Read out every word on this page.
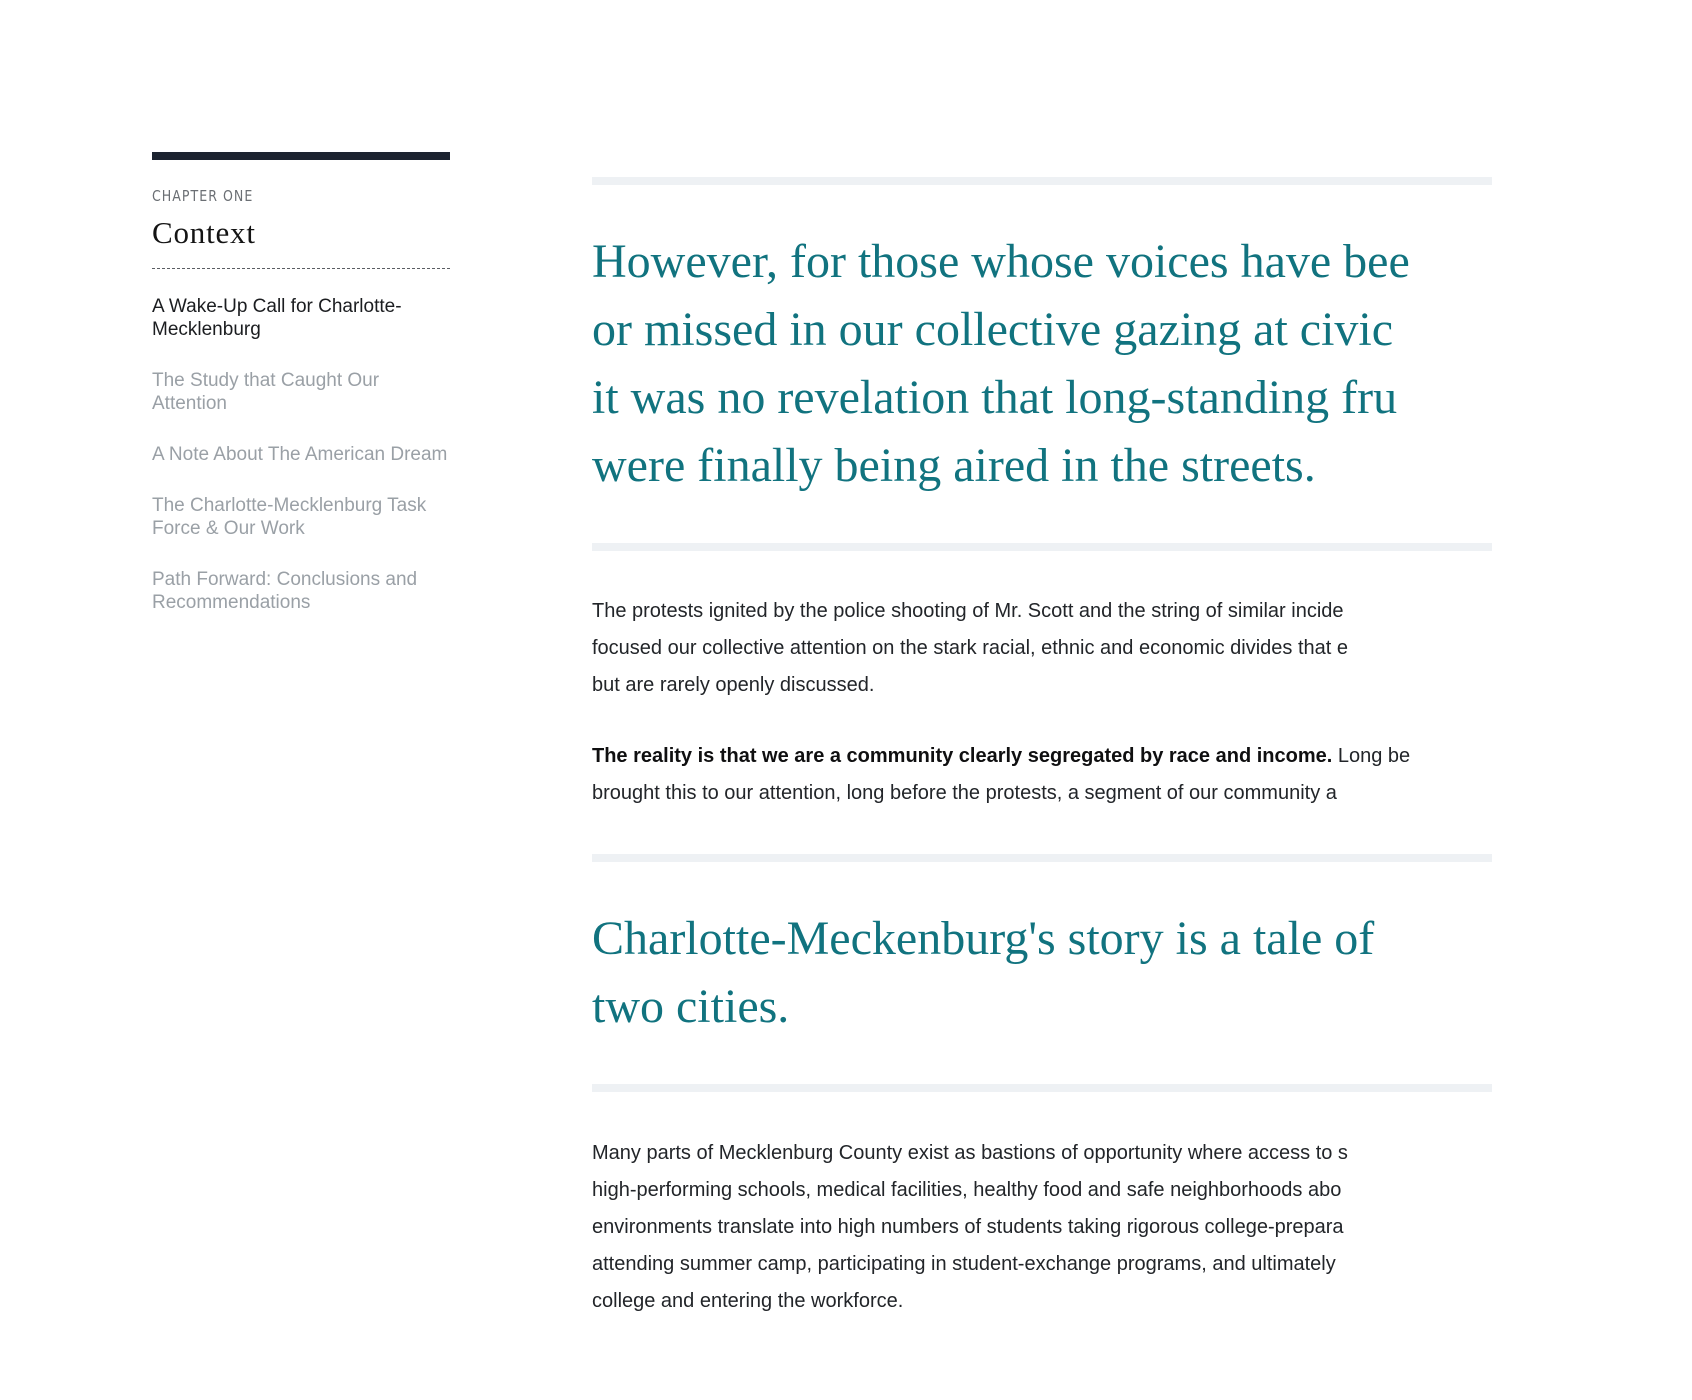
CHAPTER ONE
Context
A Wake-Up Call for Charlotte-Mecklenburg
The Study that Caught Our Attention
A Note About The American Dream
The Charlotte-Mecklenburg Task Force & Our Work
Path Forward: Conclusions and Recommendations
However, for those whose voices have bee
or missed in our collective gazing at civic
it was no revelation that long-standing fru
were finally being aired in the streets.

The protests ignited by the police shooting of Mr. Scott and the string of similar incide
focused our collective attention on the stark racial, ethnic and economic divides that e
but are rarely openly discussed.

The reality is that we are a community clearly segregated by race and income. Long be
brought this to our attention, long before the protests, a segment of our community a

Charlotte-Meckenburg's story is a tale of
two cities.

Many parts of Mecklenburg County exist as bastions of opportunity where access to s
high-performing schools, medical facilities, healthy food and safe neighborhoods abo
environments translate into high numbers of students taking rigorous college-prepara
attending summer camp, participating in student-exchange programs, and ultimately
college and entering the workforce.
